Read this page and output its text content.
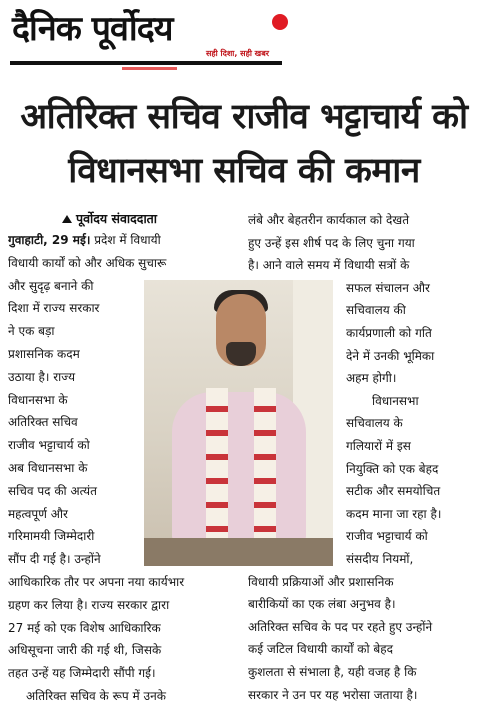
दैनिक पूर्वोदय
सही दिशा, सही खबर
अतिरिक्त सचिव राजीव भट्टाचार्य को
विधानसभा सचिव की कमान
पूर्वोदय संवाददाता
गुवाहाटी, 29 मई। प्रदेश में विधायी
विधायी कार्यों को और अधिक सुचारू
और सुदृढ़ बनाने की
दिशा में राज्य सरकार
ने एक बड़ा
प्रशासनिक कदम
उठाया है। राज्य
विधानसभा के
अतिरिक्त सचिव
राजीव भट्टाचार्य को
अब विधानसभा के
सचिव पद की अत्यंत
महत्वपूर्ण और
गरिमामयी जिम्मेदारी
सौंप दी गई है। उन्होंने
आधिकारिक तौर पर अपना नया कार्यभार
ग्रहण कर लिया है। राज्य सरकार द्वारा
27 मई को एक विशेष आधिकारिक
अधिसूचना जारी की गई थी, जिसके
तहत उन्हें यह जिम्मेदारी सौंपी गई।
अतिरिक्त सचिव के रूप में उनके
लंबे और बेहतरीन कार्यकाल को देखते
हुए उन्हें इस शीर्ष पद के लिए चुना गया
है। आने वाले समय में विधायी सत्रों के
सफल संचालन और
सचिवालय की
कार्यप्रणाली को गति
देने में उनकी भूमिका
अहम होगी।
विधानसभा
सचिवालय के
गलियारों में इस
नियुक्ति को एक बेहद
सटीक और समयोचित
कदम माना जा रहा है।
राजीव भट्टाचार्य को
संसदीय नियमों,
विधायी प्रक्रियाओं और प्रशासनिक
बारीकियों का एक लंबा अनुभव है।
अतिरिक्त सचिव के पद पर रहते हुए उन्होंने
कई जटिल विधायी कार्यों को बेहद
कुशलता से संभाला है, यही वजह है कि
सरकार ने उन पर यह भरोसा जताया है।
